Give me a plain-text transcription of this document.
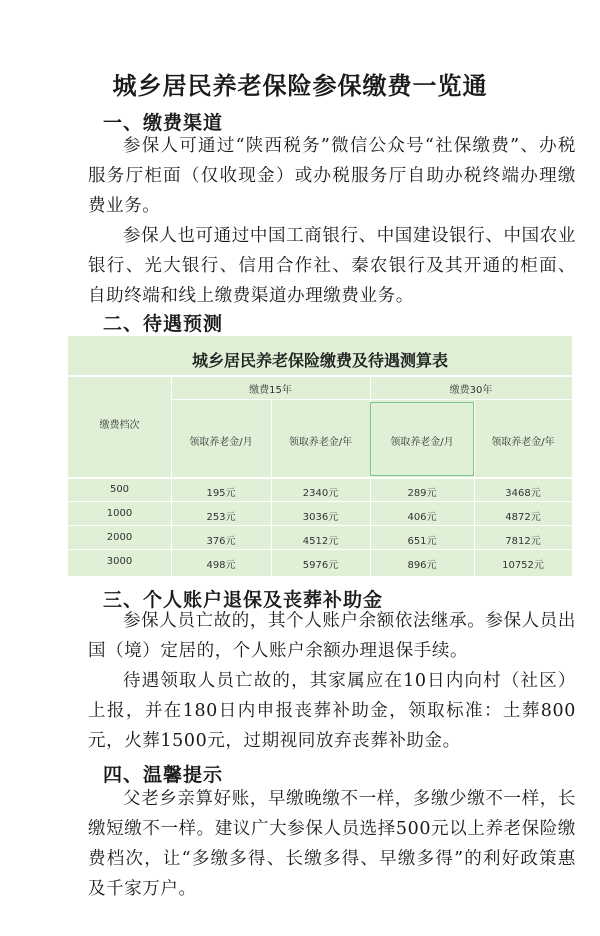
城乡居民养老保险参保缴费一览通
一、缴费渠道
参保人可通过“陕西税务”微信公众号“社保缴费”、办税服务厅柜面（仅收现金）或办税服务厅自助办税终端办理缴费业务。
参保人也可通过中国工商银行、中国建设银行、中国农业银行、光大银行、信用合作社、秦农银行及其开通的柜面、自助终端和线上缴费渠道办理缴费业务。
二、待遇预测
城乡居民养老保险缴费及待遇测算表
缴费档次
缴费15年	缴费30年
领取养老金/月	领取养老金/年	领取养老金/月	领取养老金/年
500	195元	2340元	289元	3468元
1000	253元	3036元	406元	4872元
2000	376元	4512元	651元	7812元
3000	498元	5976元	896元	10752元
三、个人账户退保及丧葬补助金
参保人员亡故的，其个人账户余额依法继承。参保人员出国（境）定居的，个人账户余额办理退保手续。
待遇领取人员亡故的，其家属应在10日内向村（社区）上报，并在180日内申报丧葬补助金，领取标准：土葬800元，火葬1500元，过期视同放弃丧葬补助金。
四、温馨提示
父老乡亲算好账，早缴晚缴不一样，多缴少缴不一样，长缴短缴不一样。建议广大参保人员选择500元以上养老保险缴费档次，让“多缴多得、长缴多得、早缴多得”的利好政策惠及千家万户。
